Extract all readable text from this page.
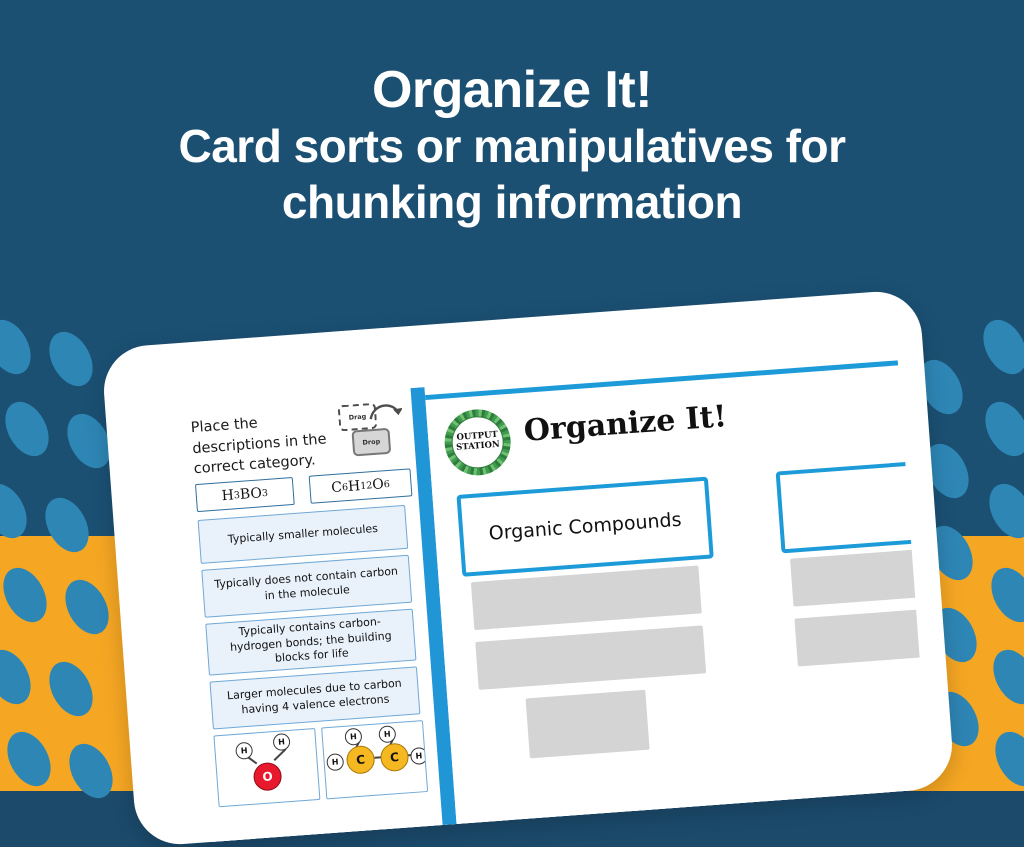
Organize It!
Card sorts or manipulatives for
chunking information
Place the descriptions in the correct category.
Drag
Drop
H 3 BO 3	C 6 H 12 O 6
Typically smaller molecules
Typically does not contain carbon in the molecule
Typically contains carbon-hydrogen bonds; the building blocks for life
Larger molecules due to carbon having 4 valence electrons
H
H
O
H	H
H	C	C	H
OUTPUT
STATION Organize It!
Organic Compounds
